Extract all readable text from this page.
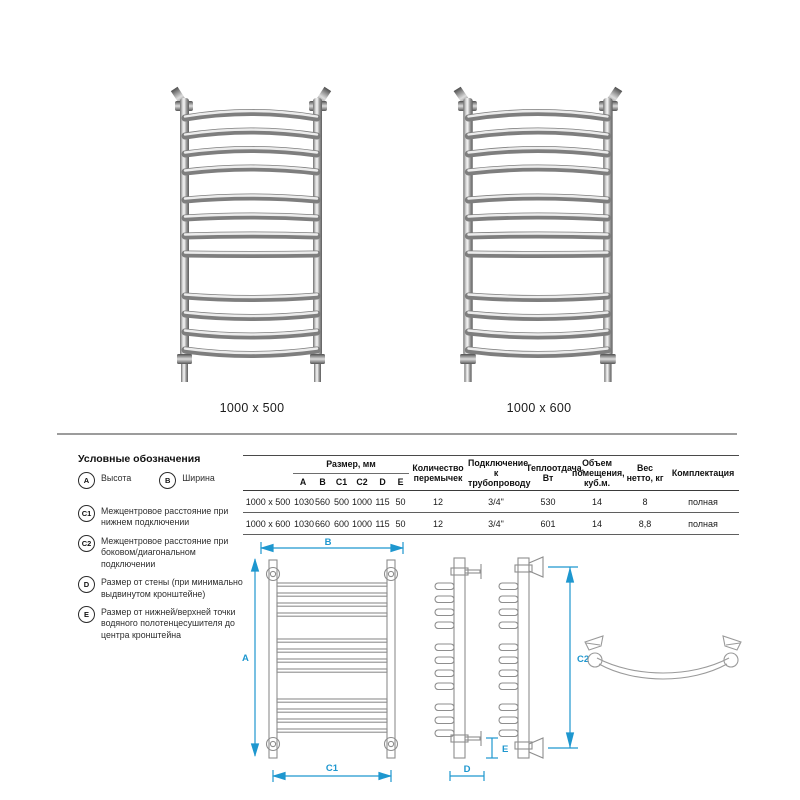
1000 x 500	1000 x 600
Условные обозначения
A	Высота	B	Ширина
C1	Межцентровое расстояние при нижнем подключении
C2	Межцентровое расстояние при боковом/диагональном подключении
D	Размер от стены (при минимально выдвинутом кронштейне)
E	Размер от нижней/верхней точки водяного полотенцесушителя до центра кронштейна
	Размер, мм						Количество перемычек	Подключение к трубопроводу	Теплоотдача, Вт	Объем помещения, куб.м.	Вес нетто, кг	Комплектация
	A	B	C1	C2	D	E						
1000 x 500	1030	560	500	1000	115	50	12	3/4"	530	14	8	полная
1000 x 600	1030	660	600	1000	115	50	12	3/4"	601	14	8,8	полная
B
A
C1
E
D
C2
